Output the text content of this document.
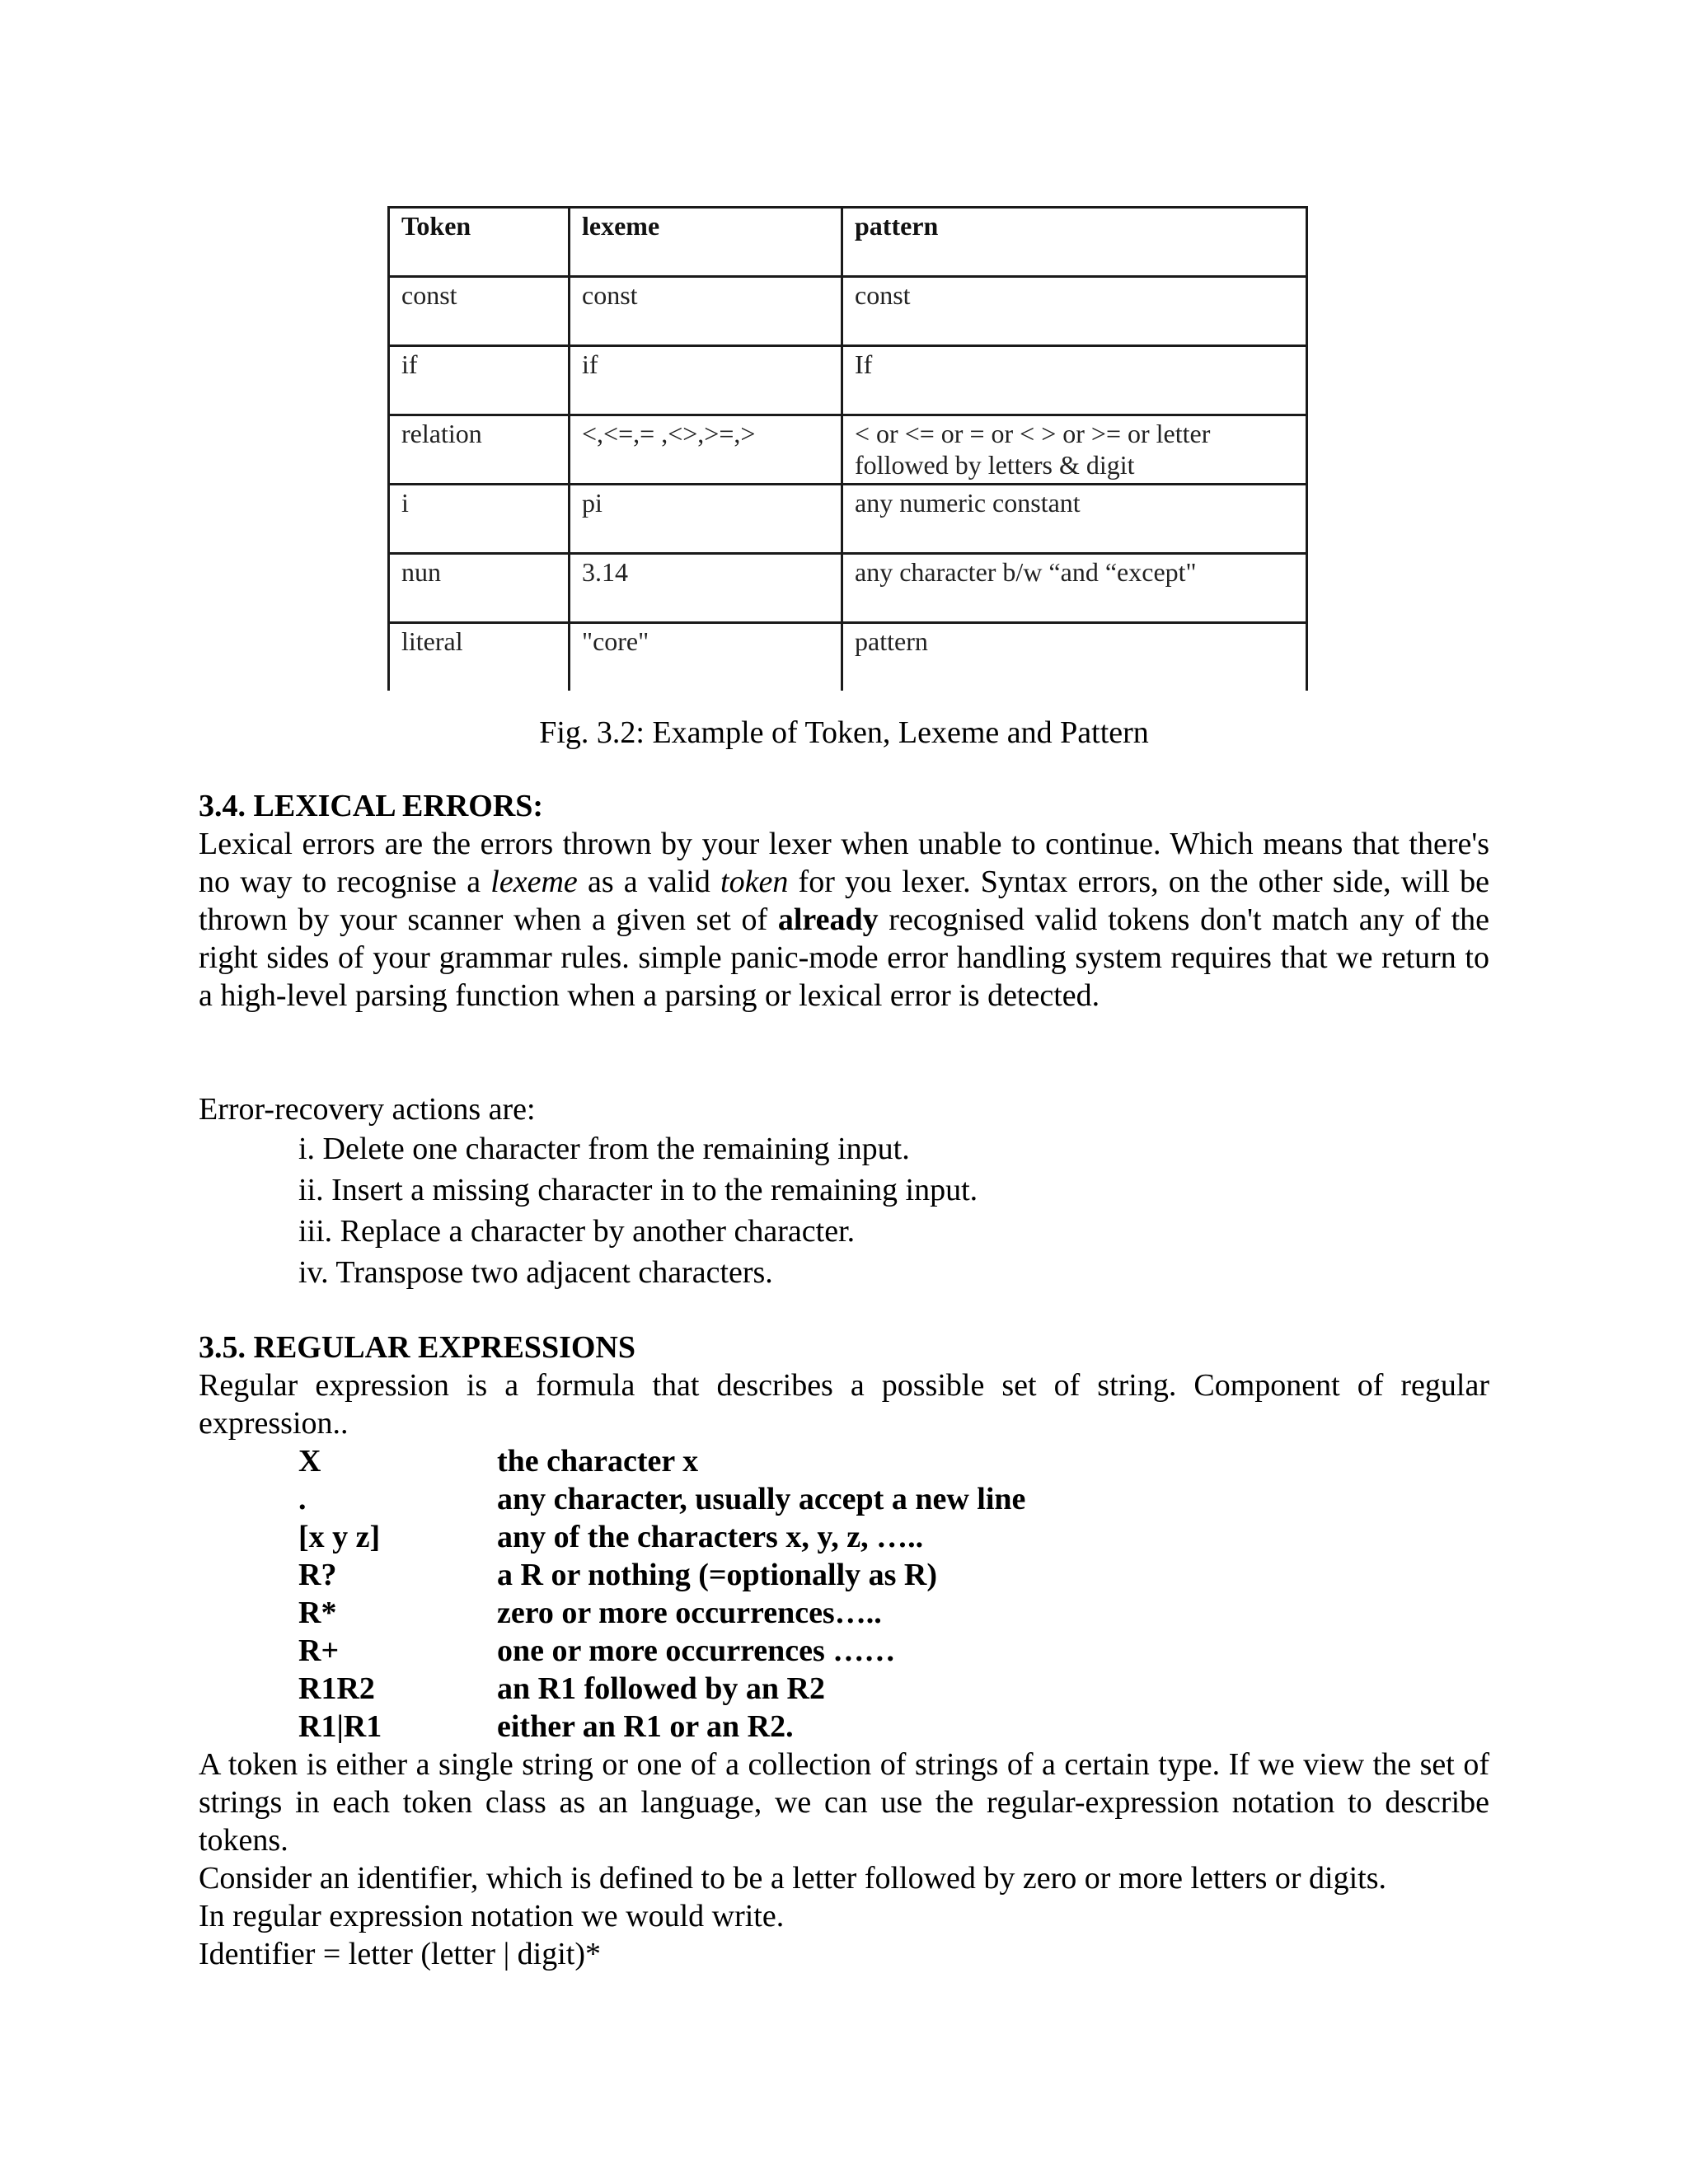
Token	lexeme	pattern
const	const	const
if	if	If
relation	<,<=,= ,<>,>=,>	< or <= or = or < > or >= or letter followed by letters & digit
i	pi	any numeric constant
nun	3.14	any character b/w “and “except"
literal	"core"	pattern
Fig. 3.2: Example of Token, Lexeme and Pattern
3.4. LEXICAL ERRORS:

Lexical errors are the errors thrown by your lexer when unable to continue. Which means that there's no way to recognise a lexeme as a valid token for you lexer. Syntax errors, on the other side, will be thrown by your scanner when a given set of already recognised valid tokens don't match any of the right sides of your grammar rules. simple panic-mode error handling system requires that we return to a high-level parsing function when a parsing or lexical error is detected.

Error-recovery actions are:

i. Delete one character from the remaining input.
ii. Insert a missing character in to the remaining input.
iii. Replace a character by another character.
iv. Transpose two adjacent characters.
3.5. REGULAR EXPRESSIONS

Regular expression is a formula that describes a possible set of string. Component of regular expression..

X	the character x
.	any character, usually accept a new line
[x y z]	any of the characters x, y, z, …..
R?	a R or nothing (=optionally as R)
R*	zero or more occurrences…..
R+	one or more occurrences ……
R1R2	an R1 followed by an R2
R1|R1	either an R1 or an R2.

A token is either a single string or one of a collection of strings of a certain type. If we view the set of strings in each token class as an language, we can use the regular-expression notation to describe tokens.

Consider an identifier, which is defined to be a letter followed by zero or more letters or digits.

In regular expression notation we would write.

Identifier = letter (letter | digit)*
